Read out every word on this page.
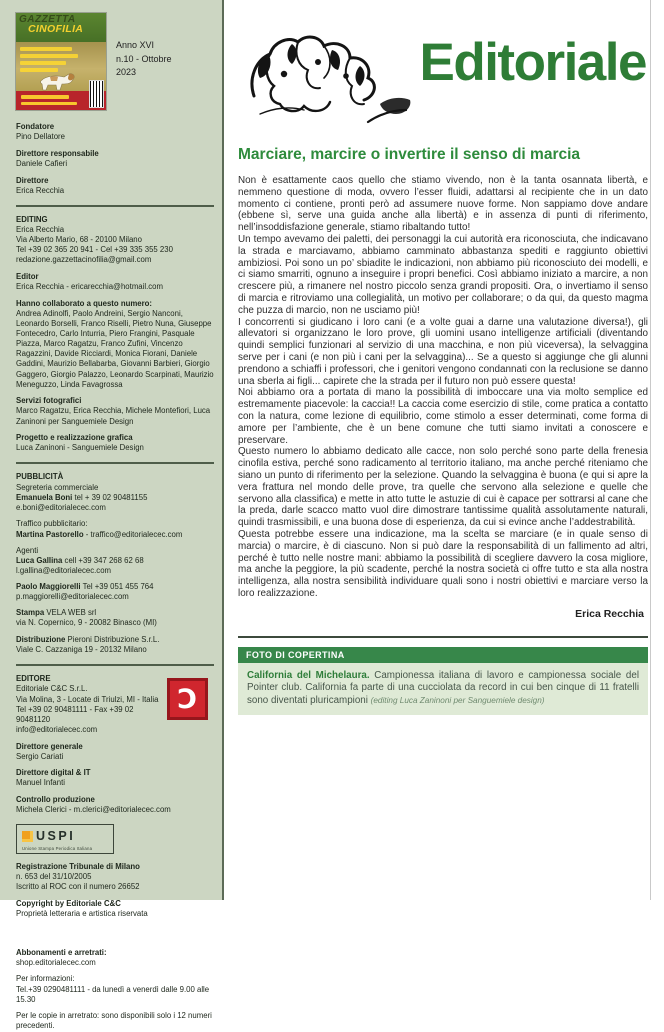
GAZZETTA
CINOFILIA
Anno XVI
n.10 - Ottobre
2023
Fondatore
Pino Dellatore
Direttore responsabile
Daniele Cafieri
Direttore
Erica Recchia
EDITING
Erica Recchia
Via Alberto Mario, 68 - 20100 Milano
Tel +39 02 365 20 941 - Cel +39 335 355 230
redazione.gazzettacinofilia@gmail.com
Editor
Erica Recchia - ericarecchia@hotmail.com
Hanno collaborato a questo numero:
Andrea Adinolfi, Paolo Andreini, Sergio Nanconi, Leonardo Borselli, Franco Riselli, Pietro Nuna, Giuseppe Fontecedro, Carlo Inturria, Piero Frangini, Pasquale Piazza, Marco Ragatzu, Franco Zufini, Vincenzo Ragazzini, Davide Ricciardi, Monica Fiorani, Daniele Gaddini, Maurizio Bellabarba, Giovanni Barbieri, Giorgio Gaggero, Giorgio Palazzo, Leonardo Scarpinati, Maurizio Meneguzzo, Linda Favagrossa
Servizi fotografici
Marco Ragatzu, Erica Recchia, Michele Montefiori, Luca Zaninoni per Sanguemiele Design
Progetto e realizzazione grafica
Luca Zaninoni - Sanguemiele Design
PUBBLICITÀ
Segreteria commerciale
Emanuela Boni tel + 39 02 90481155
e.boni@editorialecec.com
Traffico pubblicitario:
Martina Pastorello - traffico@editorialecec.com
Agenti
Luca Gallina cell +39 347 268 62 68
l.gallina@editorialecec.com
Paolo Maggiorelli Tel +39 051 455 764
p.maggiorelli@editorialecec.com
Stampa VELA WEB srl
via N. Copernico, 9 - 20082 Binasco (MI)
Distribuzione Pieroni Distribuzione S.r.L.
Viale C. Cazzaniga 19 - 20132 Milano
EDITORE
Editoriale C&C S.r.L.
Via Molina, 3 - Locate di Triulzi, MI - Italia
Tel +39 02 90481111 - Fax +39 02 90481120
info@editorialecec.com
C
Direttore generale
Sergio Cariati
Direttore digital & IT
Manuel Infanti
Controllo produzione
Michela Clerici - m.clerici@editorialecec.com
USPI
Unione Stampa Periodica Italiana
Registrazione Tribunale di Milano
n. 653 del 31/10/2005
Iscritto al ROC con il numero 26652
Copyright by Editoriale C&C
Proprietà letteraria e artistica riservata
Abbonamenti e arretrati:
shop.editorialecec.com
Per informazioni:
Tel.+39 0290481111 - da lunedì a venerdì dalle 9.00 alle 15.30
Per le copie in arretrato: sono disponibili solo i 12 numeri precedenti.
Editoriale
Marciare, marcire o invertire il senso di marcia

Non è esattamente caos quello che stiamo vivendo, non è la tanta osannata libertà, e nemmeno questione di moda, ovvero l’esser fluidi, adattarsi al recipiente che in un dato momento ci contiene, pronti però ad assumere nuove forme. Non sappiamo dove andare (ebbene sì, serve una guida anche alla libertà) e in assenza di punti di riferimento, nell’insoddisfazione generale, stiamo ribaltando tutto!

Un tempo avevamo dei paletti, dei personaggi la cui autorità era riconosciuta, che indicavano la strada e marciavamo, abbiamo camminato abbastanza spediti e raggiunto obiettivi ambiziosi. Poi sono un po’ sbiadite le indicazioni, non abbiamo più riconosciuto dei modelli, e ci siamo smarriti, ognuno a inseguire i propri benefici. Così abbiamo iniziato a marcire, a non crescere più, a rimanere nel nostro piccolo senza grandi propositi. Ora, o invertiamo il senso di marcia e ritroviamo una collegialità, un motivo per collaborare; o da qui, da questo magma che puzza di marcio, non ne usciamo più!

I concorrenti si giudicano i loro cani (e a volte guai a darne una valutazione diversa!), gli allevatori si organizzano le loro prove, gli uomini usano intelligenze artificiali (diventando quindi semplici funzionari al servizio di una macchina, e non più viceversa), la selvaggina serve per i cani (e non più i cani per la selvaggina)... Se a questo si aggiunge che gli alunni prendono a schiaffi i professori, che i genitori vengono condannati con la reclusione se danno una sberla ai figli... capirete che la strada per il futuro non può essere questa!

Noi abbiamo ora a portata di mano la possibilità di imboccare una via molto semplice ed estremamente piacevole: la caccia!! La caccia come esercizio di stile, come pratica a contatto con la natura, come lezione di equilibrio, come stimolo a esser determinati, come forma di amore per l’ambiente, che è un bene comune che tutti siamo invitati a conoscere e preservare.

Questo numero lo abbiamo dedicato alle cacce, non solo perché sono parte della frenesia cinofila estiva, perché sono radicamento al territorio italiano, ma anche perché riteniamo che siano un punto di riferimento per la selezione. Quando la selvaggina è buona (e qui si apre la vera frattura nel mondo delle prove, tra quelle che servono alla selezione e quelle che servono alla classifica) e mette in atto tutte le astuzie di cui è capace per sottrarsi al cane che la preda, darle scacco matto vuol dire dimostrare tantissime qualità assolutamente naturali, quindi trasmissibili, e una buona dose di esperienza, da cui si evince anche l’addestrabilità.

Questa potrebbe essere una indicazione, ma la scelta se marciare (e in quale senso di marcia) o marcire, è di ciascuno. Non si può dare la responsabilità di un fallimento ad altri, perché è tutto nelle nostre mani: abbiamo la possibilità di scegliere davvero la cosa migliore, ma anche la peggiore, la più scadente, perché la nostra società ci offre tutto e sta alla nostra intelligenza, alla nostra sensibilità individuare quali sono i nostri obiettivi e marciare verso la loro realizzazione.

Erica Recchia
FOTO DI COPERTINA
California del Michelaura. Campionessa italiana di lavoro e campionessa sociale del Pointer club. California fa parte di una cucciolata da record in cui ben cinque di 11 fratelli sono diventati pluricampioni (editing Luca Zaninoni per Sanguemiele design)
